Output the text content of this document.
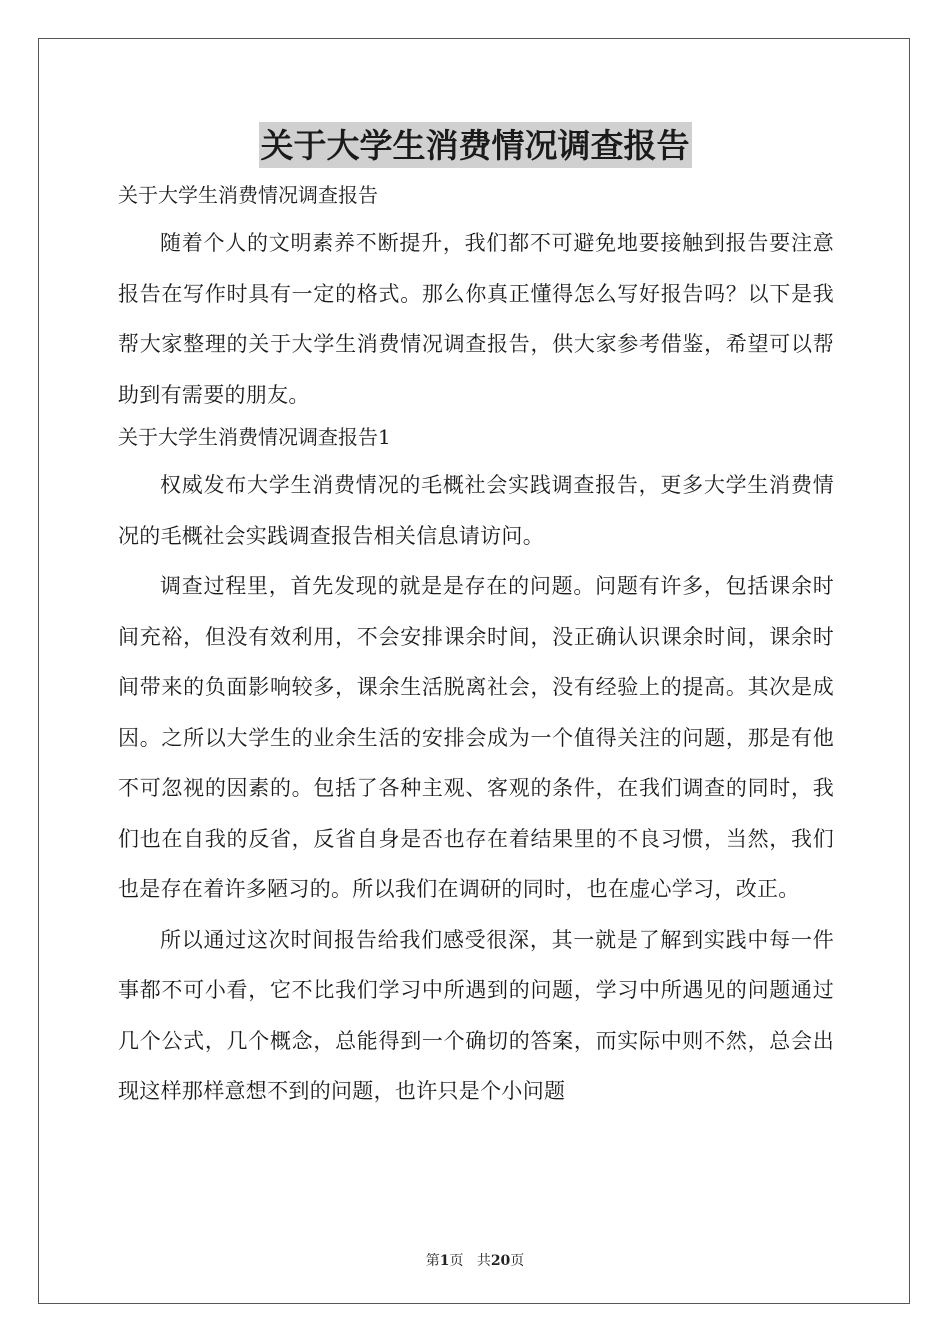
关于大学生消费情况调查报告

关于大学生消费情况调查报告

随着个人的文明素养不断提升，我们都不可避免地要接触到报告要注意报告在写作时具有一定的格式。那么你真正懂得怎么写好报告吗？以下是我帮大家整理的关于大学生消费情况调查报告，供大家参考借鉴，希望可以帮助到有需要的朋友。

关于大学生消费情况调查报告1

权威发布大学生消费情况的毛概社会实践调查报告，更多大学生消费情况的毛概社会实践调查报告相关信息请访问。

调查过程里，首先发现的就是是存在的问题。问题有许多，包括课余时间充裕，但没有效利用，不会安排课余时间，没正确认识课余时间，课余时间带来的负面影响较多，课余生活脱离社会，没有经验上的提高。其次是成因。之所以大学生的业余生活的安排会成为一个值得关注的问题，那是有他不可忽视的因素的。包括了各种主观、客观的条件，在我们调查的同时，我们也在自我的反省，反省自身是否也存在着结果里的不良习惯，当然，我们也是存在着许多陋习的。所以我们在调研的同时，也在虚心学习，改正。

所以通过这次时间报告给我们感受很深，其一就是了解到实践中每一件事都不可小看，它不比我们学习中所遇到的问题，学习中所遇见的问题通过几个公式，几个概念，总能得到一个确切的答案，而实际中则不然，总会出现这样那样意想不到的问题，也许只是个小问题

第1页 共20页
